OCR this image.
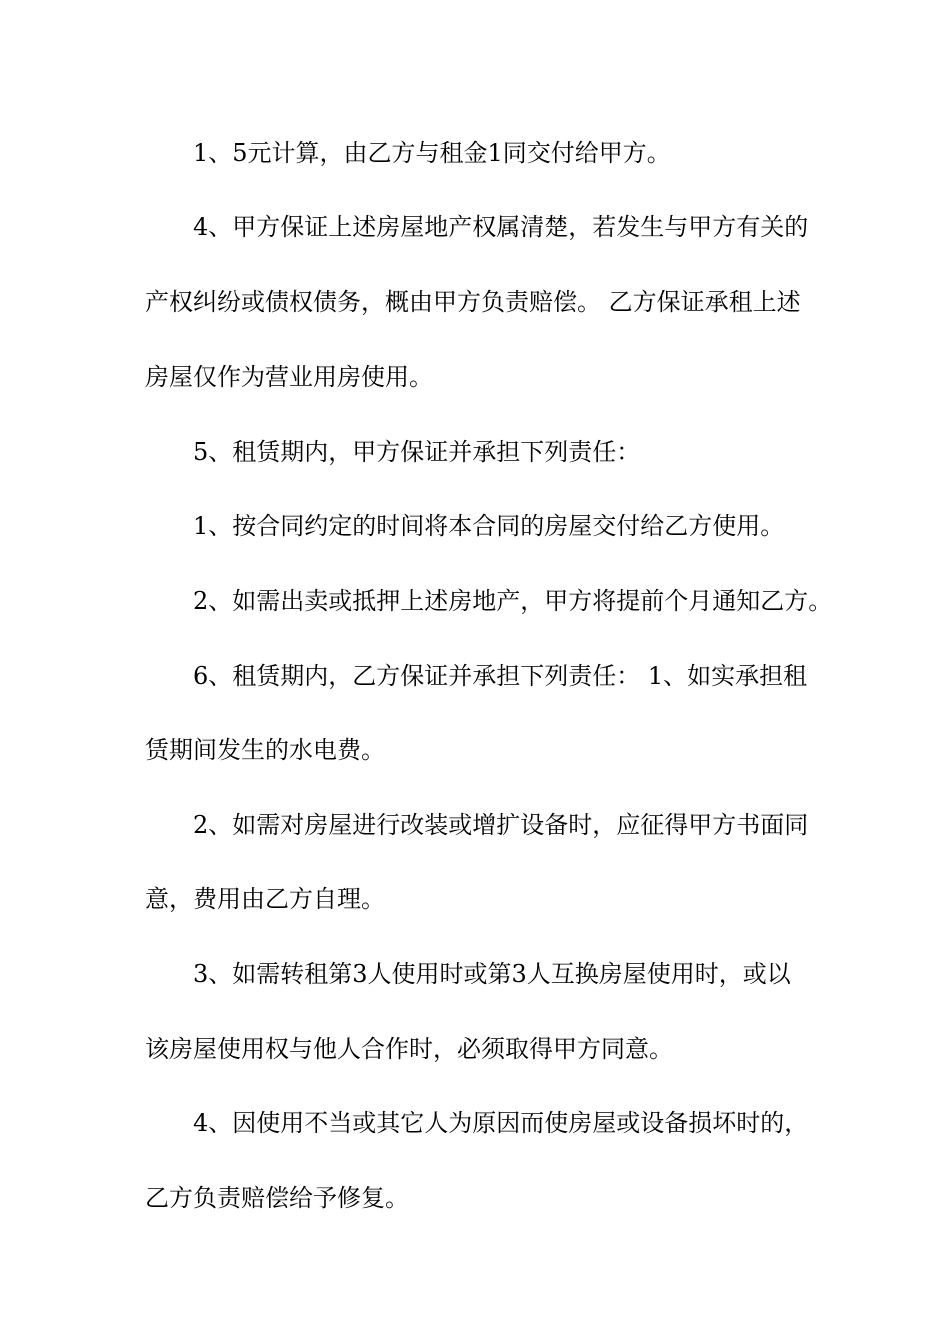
1、5元计算，由乙方与租金1同交付给甲方。

4、甲方保证上述房屋地产权属清楚，若发生与甲方有关的

产权纠纷或债权债务，概由甲方负责赔偿。 乙方保证承租上述

房屋仅作为营业用房使用。

5、租赁期内，甲方保证并承担下列责任：

1、按合同约定的时间将本合同的房屋交付给乙方使用。

2、如需出卖或抵押上述房地产，甲方将提前个月通知乙方。

6、租赁期内，乙方保证并承担下列责任： 1、如实承担租

赁期间发生的水电费。

2、如需对房屋进行改装或增扩设备时，应征得甲方书面同

意，费用由乙方自理。

3、如需转租第3人使用时或第3人互换房屋使用时，或以

该房屋使用权与他人合作时，必须取得甲方同意。

4、因使用不当或其它人为原因而使房屋或设备损坏时的，

乙方负责赔偿给予修复。
